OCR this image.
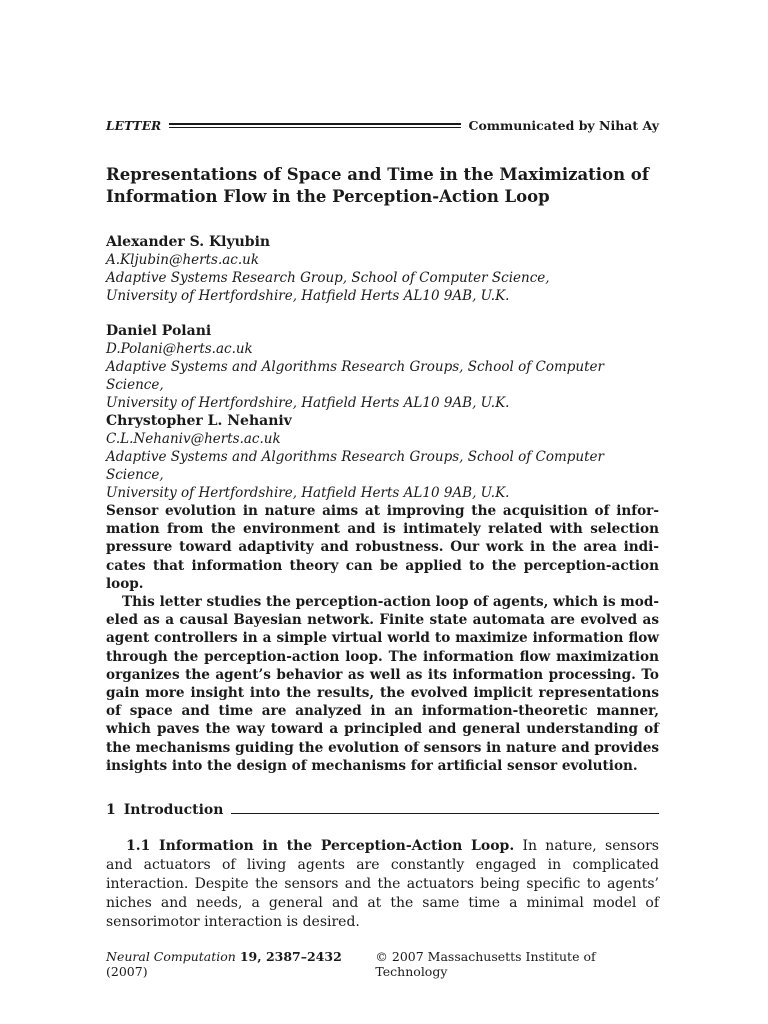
LETTER	Communicated by Nihat Ay
Representations of Space and Time in the Maximization of
Information Flow in the Perception-Action Loop
Alexander S. Klyubin
A.Kljubin@herts.ac.uk
Adaptive Systems Research Group, School of Computer Science,
University of Hertfordshire, Hatfield Herts AL10 9AB, U.K.
Daniel Polani
D.Polani@herts.ac.uk
Adaptive Systems and Algorithms Research Groups, School of Computer Science,
University of Hertfordshire, Hatfield Herts AL10 9AB, U.K.
Chrystopher L. Nehaniv
C.L.Nehaniv@herts.ac.uk
Adaptive Systems and Algorithms Research Groups, School of Computer Science,
University of Hertfordshire, Hatfield Herts AL10 9AB, U.K.

Sensor evolution in nature aims at improving the acquisition of information from the environment and is intimately related with selection pressure toward adaptivity and robustness. Our work in the area indicates that information theory can be applied to the perception-action loop.

This letter studies the perception-action loop of agents, which is modeled as a causal Bayesian network. Finite state automata are evolved as agent controllers in a simple virtual world to maximize information flow through the perception-action loop. The information flow maximization organizes the agent’s behavior as well as its information processing. To gain more insight into the results, the evolved implicit representations of space and time are analyzed in an information-theoretic manner, which paves the way toward a principled and general understanding of the mechanisms guiding the evolution of sensors in nature and provides insights into the design of mechanisms for artificial sensor evolution.

1 Introduction
1.1 Information in the Perception-Action Loop. In nature, sensors and actuators of living agents are constantly engaged in complicated interaction. Despite the sensors and the actuators being specific to agents’ niches and needs, a general and at the same time a minimal model of sensorimotor interaction is desired.
Neural Computation 19, 2387–2432 (2007)
© 2007 Massachusetts Institute of Technology
